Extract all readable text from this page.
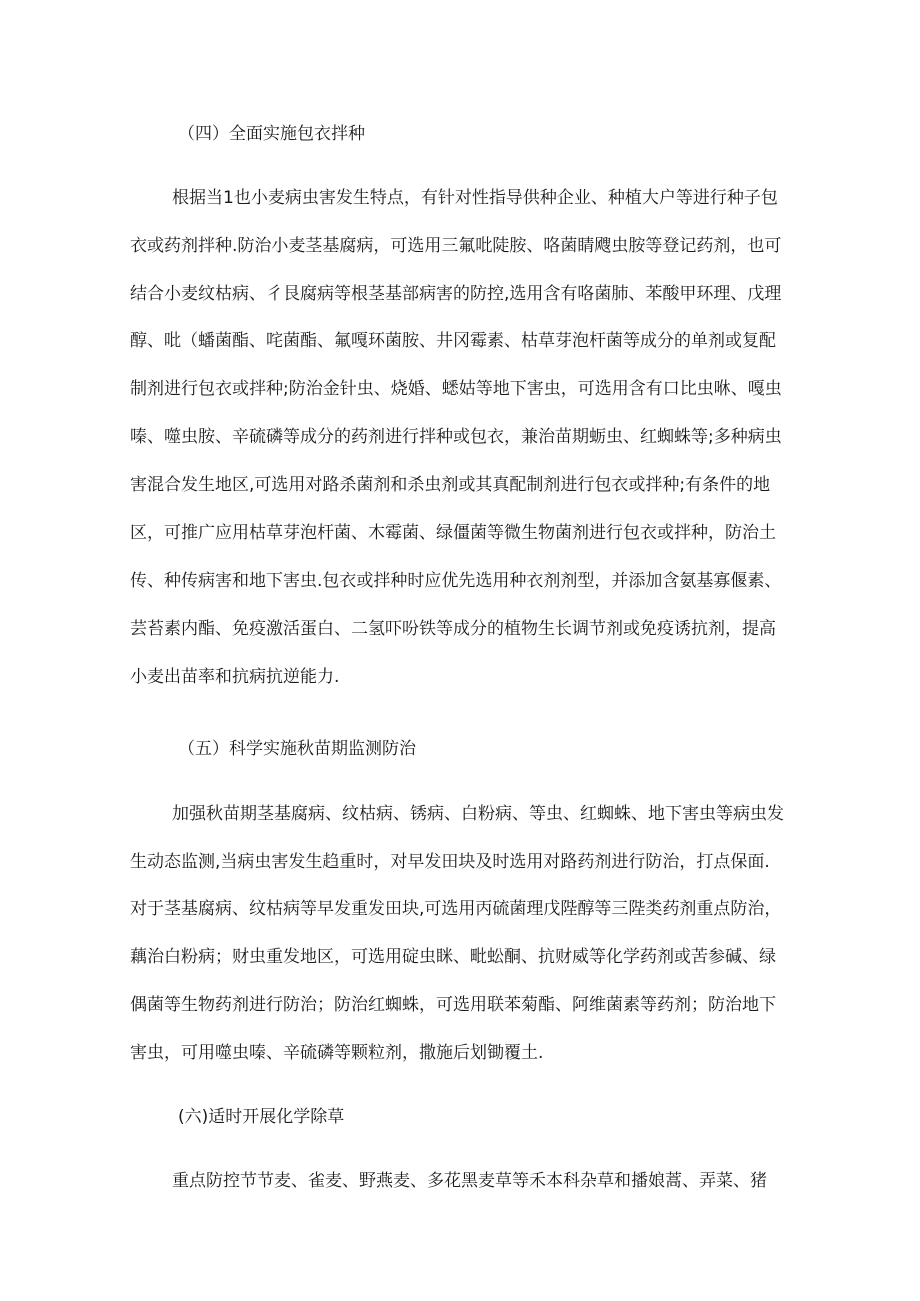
（四）全面实施包衣拌种
根据当1也小麦病虫害发生特点，有针对性指导供种企业、种植大户等进行种子包
衣或药剂拌种.防治小麦茎基腐病，可选用三氟吡陡胺、咯菌睛飕虫胺等登记药剂，也可
结合小麦纹枯病、彳艮腐病等根茎基部病害的防控,选用含有咯菌肺、苯酸甲环理、戊理
醇、吡（蟠菌酯、咤菌酯、氟嘎环菌胺、井冈霉素、枯草芽泡杆菌等成分的单剂或复配
制剂进行包衣或拌种;防治金针虫、烧婚、蟋姑等地下害虫，可选用含有口比虫咻、嘎虫
嗪、噬虫胺、辛硫磷等成分的药剂进行拌种或包衣，兼治苗期蛎虫、红蜘蛛等;多种病虫
害混合发生地区,可选用对路杀菌剂和杀虫剂或其真配制剂进行包衣或拌种;有条件的地
区，可推广应用枯草芽泡杆菌、木霉菌、绿僵菌等微生物菌剂进行包衣或拌种，防治土
传、种传病害和地下害虫.包衣或拌种时应优先选用种衣剂剂型，并添加含氨基寡偃素、
芸苔素内酯、免疫激活蛋白、二氢吓吩铁等成分的植物生长调节剂或免疫诱抗剂，提高
小麦出苗率和抗病抗逆能力.
（五）科学实施秋苗期监测防治
加强秋苗期茎基腐病、纹枯病、锈病、白粉病、等虫、红蜘蛛、地下害虫等病虫发
生动态监测,当病虫害发生趋重时，对早发田块及时选用对路药剂进行防治，打点保面.
对于茎基腐病、纹枯病等早发重发田块,可选用丙硫菌理戊陛醇等三陛类药剂重点防治，
藕治白粉病；财虫重发地区，可选用碇虫眯、毗蚣酮、抗财威等化学药剂或苦参碱、绿
偶菌等生物药剂进行防治；防治红蜘蛛，可选用联苯菊酯、阿维菌素等药剂；防治地下
害虫，可用噬虫嗪、辛硫磷等颗粒剂，撒施后划锄覆土.
(六)适时开展化学除草
重点防控节节麦、雀麦、野燕麦、多花黑麦草等禾本科杂草和播娘蒿、弄菜、猪
